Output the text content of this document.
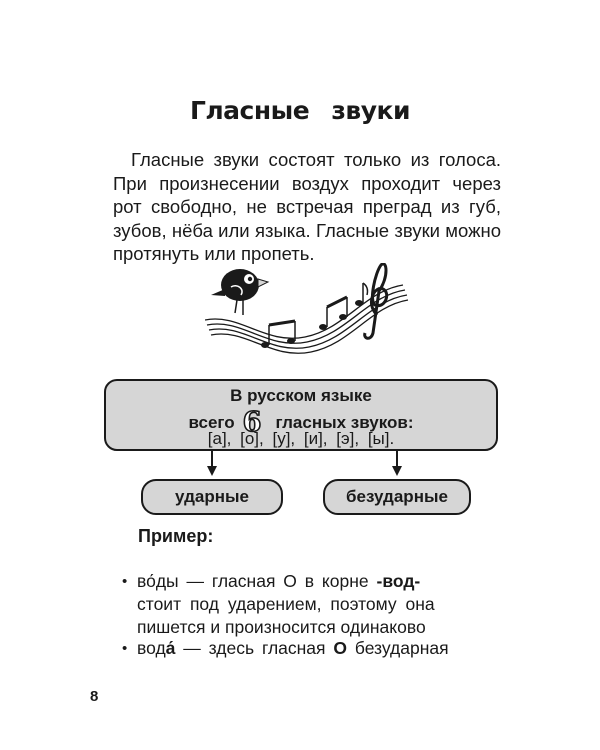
Гласные звуки
Гласные звуки состоят только из голоса. При произнесении воздух проходит через рот свободно, не встречая преград из губ, зубов, нёба или языка. Гласные звуки можно протянуть или пропеть.
В русском языке
всего 6 гласных звуков:
[а], [о], [у], [и], [э], [ы].
ударные	безударные
Пример:
• во́ды — гласная О в корне -вод-
стоит под ударением, поэтому она
пишется и произносится одинаково
• вода́ — здесь гласная О безударная
8
